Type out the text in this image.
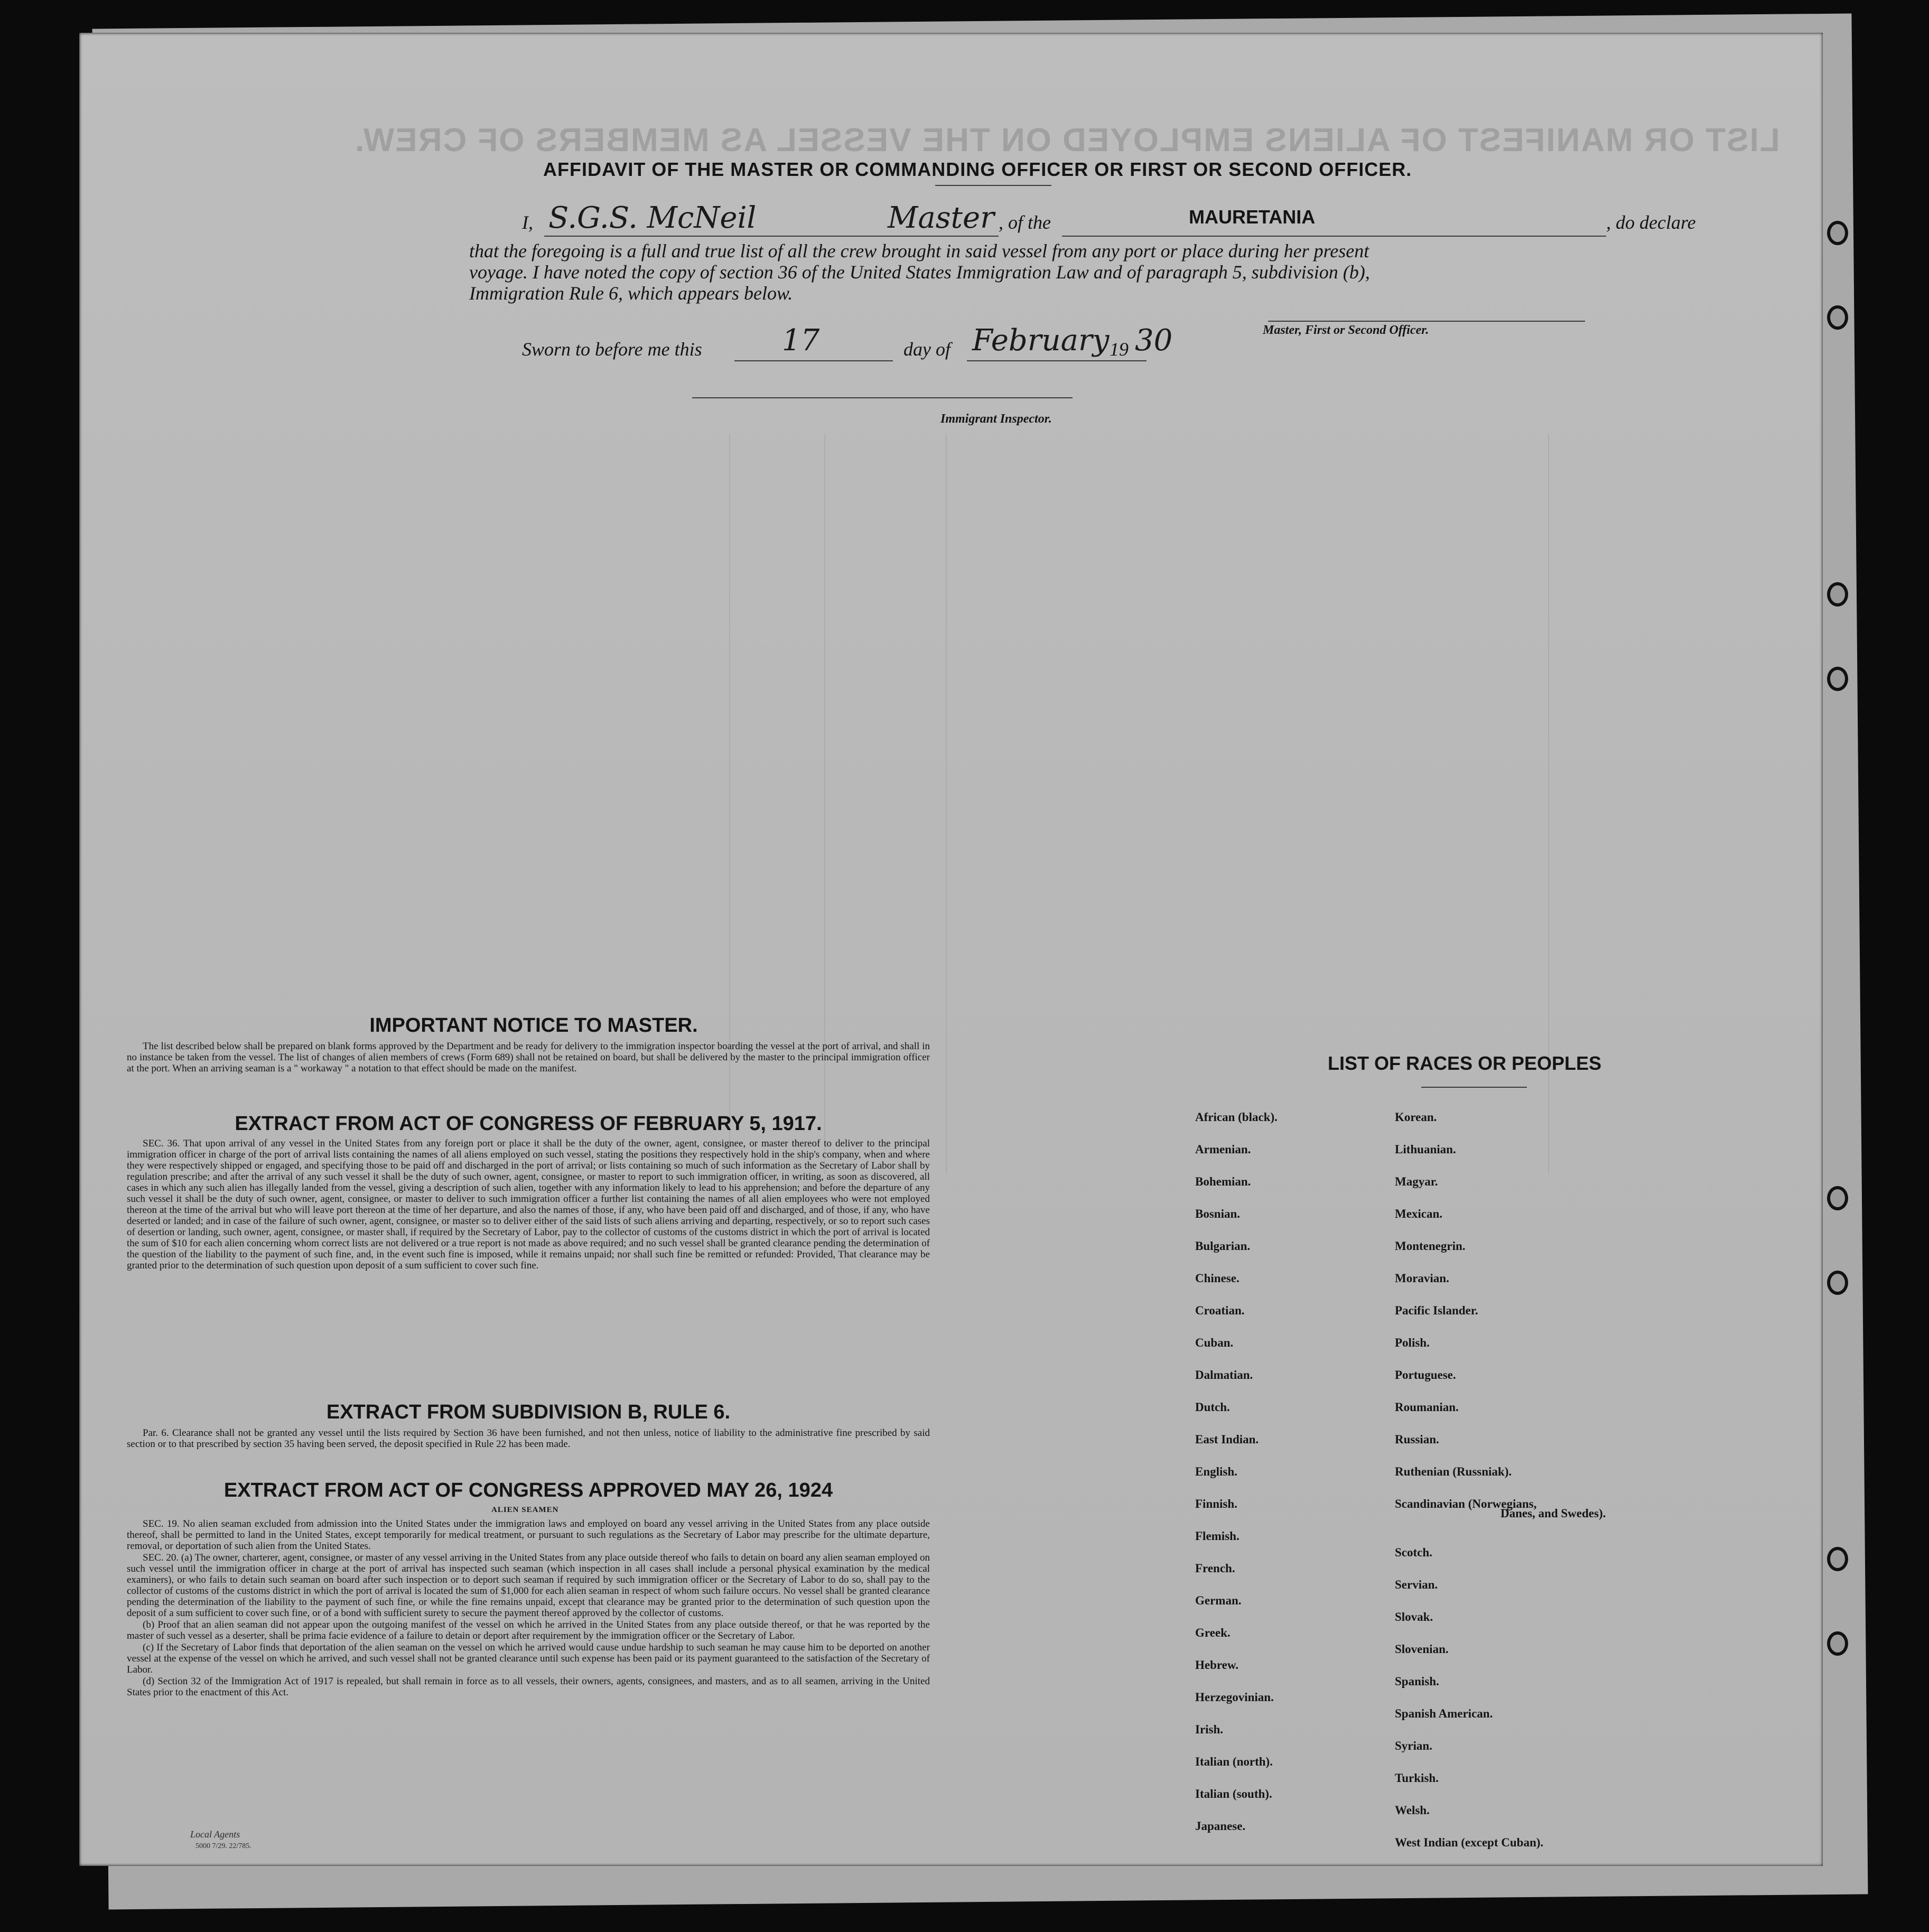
LIST OR MANIFEST OF ALIENS EMPLOYED ON THE VESSEL AS MEMBERS OF CREW.
AFFIDAVIT OF THE MASTER OR COMMANDING OFFICER OR FIRST OR SECOND OFFICER.
I, S.G.S. McNeil	Master , of the	MAURETANIA	, do declare
that the foregoing is a full and true list of all the crew brought in said vessel from any port or place during her present
voyage. I have noted the copy of section 36 of the United States Immigration Law and of paragraph 5, subdivision (b),
Immigration Rule 6, which appears below.
Master, First or Second Officer.
Sworn to before me this	17	day of February 19 30
Immigrant Inspector.
IMPORTANT NOTICE TO MASTER.

The list described below shall be prepared on blank forms approved by the Department and be ready for delivery to the immigration inspector boarding the vessel at the port of arrival, and shall in no instance be taken from the vessel. The list of changes of alien members of crews (Form 689) shall not be retained on board, but shall be delivered by the master to the principal immigration officer at the port. When an arriving seaman is a " workaway " a notation to that effect should be made on the manifest.

EXTRACT FROM ACT OF CONGRESS OF FEBRUARY 5, 1917.

SEC. 36. That upon arrival of any vessel in the United States from any foreign port or place it shall be the duty of the owner, agent, consignee, or master thereof to deliver to the principal immigration officer in charge of the port of arrival lists containing the names of all aliens employed on such vessel, stating the positions they respectively hold in the ship's company, when and where they were respectively shipped or engaged, and specifying those to be paid off and discharged in the port of arrival; or lists containing so much of such information as the Secretary of Labor shall by regulation prescribe; and after the arrival of any such vessel it shall be the duty of such owner, agent, consignee, or master to report to such immigration officer, in writing, as soon as discovered, all cases in which any such alien has illegally landed from the vessel, giving a description of such alien, together with any information likely to lead to his apprehension; and before the departure of any such vessel it shall be the duty of such owner, agent, consignee, or master to deliver to such immigration officer a further list containing the names of all alien employees who were not employed thereon at the time of the arrival but who will leave port thereon at the time of her departure, and also the names of those, if any, who have been paid off and discharged, and of those, if any, who have deserted or landed; and in case of the failure of such owner, agent, consignee, or master so to deliver either of the said lists of such aliens arriving and departing, respectively, or so to report such cases of desertion or landing, such owner, agent, consignee, or master shall, if required by the Secretary of Labor, pay to the collector of customs of the customs district in which the port of arrival is located the sum of $10 for each alien concerning whom correct lists are not delivered or a true report is not made as above required; and no such vessel shall be granted clearance pending the determination of the question of the liability to the payment of such fine, and, in the event such fine is imposed, while it remains unpaid; nor shall such fine be remitted or refunded: Provided, That clearance may be granted prior to the determination of such question upon deposit of a sum sufficient to cover such fine.

EXTRACT FROM SUBDIVISION B, RULE 6.

Par. 6. Clearance shall not be granted any vessel until the lists required by Section 36 have been furnished, and not then unless, notice of liability to the administrative fine prescribed by said section or to that prescribed by section 35 having been served, the deposit specified in Rule 22 has been made.

EXTRACT FROM ACT OF CONGRESS APPROVED MAY 26, 1924
ALIEN SEAMEN

SEC. 19. No alien seaman excluded from admission into the United States under the immigration laws and employed on board any vessel arriving in the United States from any place outside thereof, shall be permitted to land in the United States, except temporarily for medical treatment, or pursuant to such regulations as the Secretary of Labor may prescribe for the ultimate departure, removal, or deportation of such alien from the United States.

SEC. 20. (a) The owner, charterer, agent, consignee, or master of any vessel arriving in the United States from any place outside thereof who fails to detain on board any alien seaman employed on such vessel until the immigration officer in charge at the port of arrival has inspected such seaman (which inspection in all cases shall include a personal physical examination by the medical examiners), or who fails to detain such seaman on board after such inspection or to deport such seaman if required by such immigration officer or the Secretary of Labor to do so, shall pay to the collector of customs of the customs district in which the port of arrival is located the sum of $1,000 for each alien seaman in respect of whom such failure occurs. No vessel shall be granted clearance pending the determination of the liability to the payment of such fine, or while the fine remains unpaid, except that clearance may be granted prior to the determination of such question upon the deposit of a sum sufficient to cover such fine, or of a bond with sufficient surety to secure the payment thereof approved by the collector of customs.

(b) Proof that an alien seaman did not appear upon the outgoing manifest of the vessel on which he arrived in the United States from any place outside thereof, or that he was reported by the master of such vessel as a deserter, shall be prima facie evidence of a failure to detain or deport after requirement by the immigration officer or the Secretary of Labor.

(c) If the Secretary of Labor finds that deportation of the alien seaman on the vessel on which he arrived would cause undue hardship to such seaman he may cause him to be deported on another vessel at the expense of the vessel on which he arrived, and such vessel shall not be granted clearance until such expense has been paid or its payment guaranteed to the satisfaction of the Secretary of Labor.

(d) Section 32 of the Immigration Act of 1917 is repealed, but shall remain in force as to all vessels, their owners, agents, consignees, and masters, and as to all seamen, arriving in the United States prior to the enactment of this Act.

LIST OF RACES OR PEOPLES
Danes, and Swedes).
Local Agents
5000 7/29. 22/785.
African (black).
Armenian.
Bohemian.
Bosnian.
Bulgarian.
Chinese.
Croatian.
Cuban.
Dalmatian.
Dutch.
East Indian.
English.
Finnish.
Flemish.
French.
German.
Greek.
Hebrew.
Herzegovinian.
Irish.
Italian (north).
Italian (south).
Japanese.
Korean.
Lithuanian.
Magyar.
Mexican.
Montenegrin.
Moravian.
Pacific Islander.
Polish.
Portuguese.
Roumanian.
Russian.
Ruthenian (Russniak).
Scandinavian (Norwegians,
Scotch.
Servian.
Slovak.
Slovenian.
Spanish.
Spanish American.
Syrian.
Turkish.
Welsh.
West Indian (except Cuban).
